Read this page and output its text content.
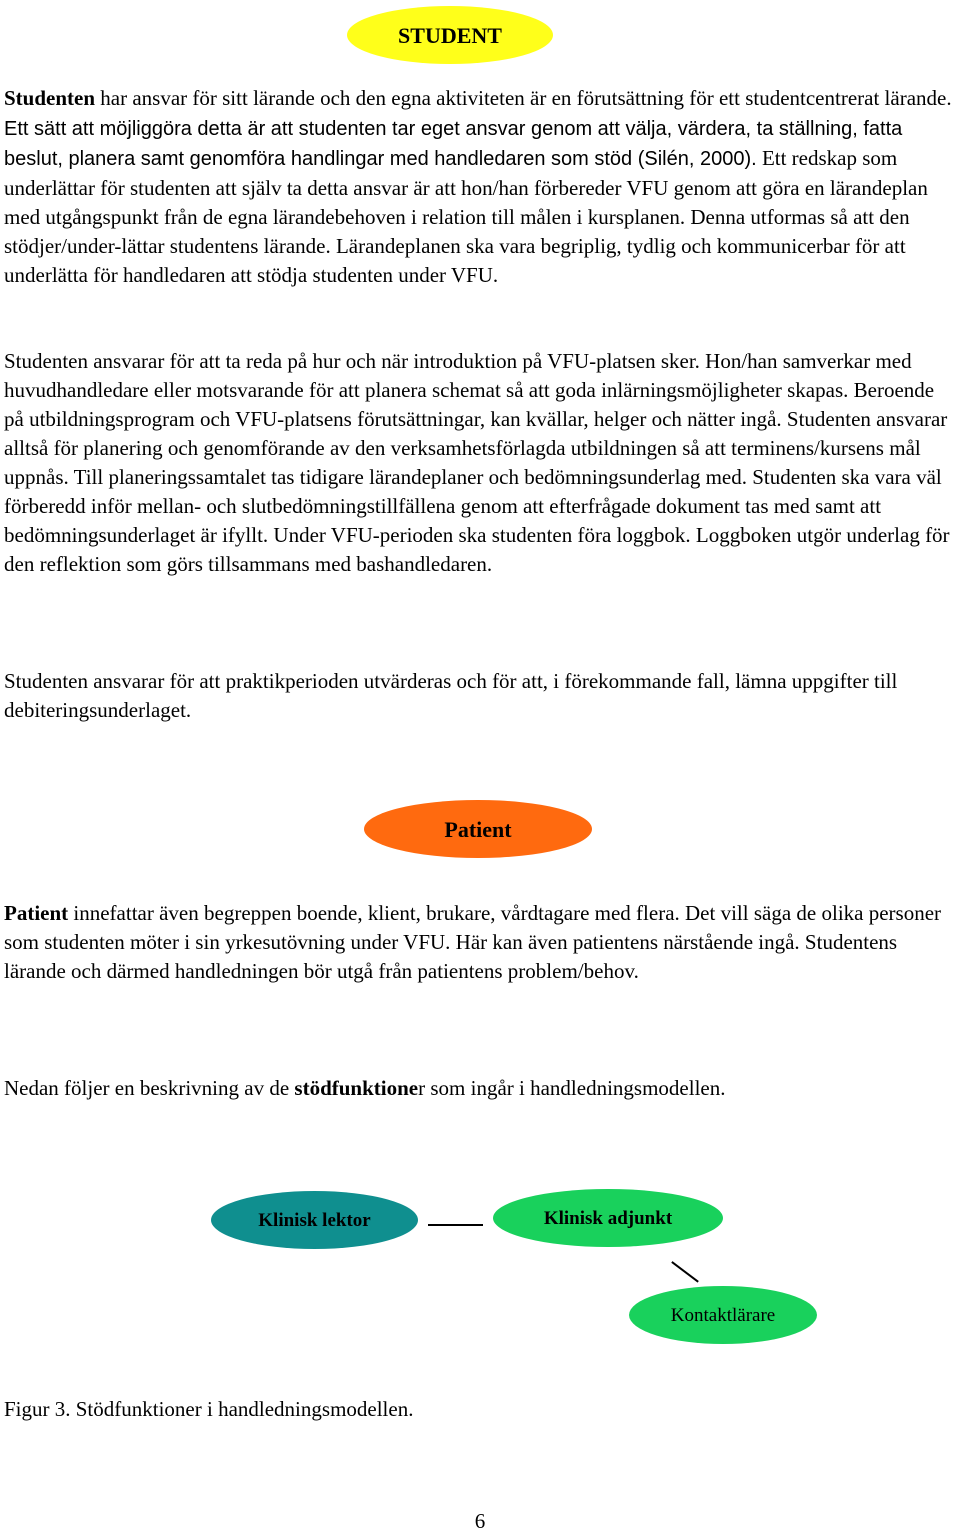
STUDENT

Studenten har ansvar för sitt lärande och den egna aktiviteten är en förutsättning för ett studentcentrerat lärande. Ett sätt att möjliggöra detta är att studenten tar eget ansvar genom att välja, värdera, ta ställning, fatta beslut, planera samt genomföra handlingar med handledaren som stöd (Silén, 2000). Ett redskap som underlättar för studenten att själv ta detta ansvar är att hon/han förbereder VFU genom att göra en lärandeplan med utgångspunkt från de egna lärandebehoven i relation till målen i kursplanen. Denna utformas så att den stödjer/under-lättar studentens lärande. Lärandeplanen ska vara begriplig, tydlig och kommunicerbar för att underlätta för handledaren att stödja studenten under VFU.

Studenten ansvarar för att ta reda på hur och när introduktion på VFU-platsen sker. Hon/han samverkar med huvudhandledare eller motsvarande för att planera schemat så att goda inlärningsmöjligheter skapas. Beroende på utbildningsprogram och VFU-platsens förutsättningar, kan kvällar, helger och nätter ingå. Studenten ansvarar alltså för planering och genomförande av den verksamhetsförlagda utbildningen så att terminens/kursens mål uppnås. Till planeringssamtalet tas tidigare lärandeplaner och bedömningsunderlag med. Studenten ska vara väl förberedd inför mellan- och slutbedömningstillfällena genom att efterfrågade dokument tas med samt att bedömningsunderlaget är ifyllt. Under VFU-perioden ska studenten föra loggbok. Loggboken utgör underlag för den reflektion som görs tillsammans med bashandledaren.

Studenten ansvarar för att praktikperioden utvärderas och för att, i förekommande fall, lämna uppgifter till debiteringsunderlaget.

Patient

Patient innefattar även begreppen boende, klient, brukare, vårdtagare med flera. Det vill säga de olika personer som studenten möter i sin yrkesutövning under VFU. Här kan även patientens närstående ingå. Studentens lärande och därmed handledningen bör utgå från patientens problem/behov.

Nedan följer en beskrivning av de stödfunktioner som ingår i handledningsmodellen.

Klinisk lektor	Klinisk adjunkt
Kontaktlärare

Figur 3. Stödfunktioner i handledningsmodellen.

6
